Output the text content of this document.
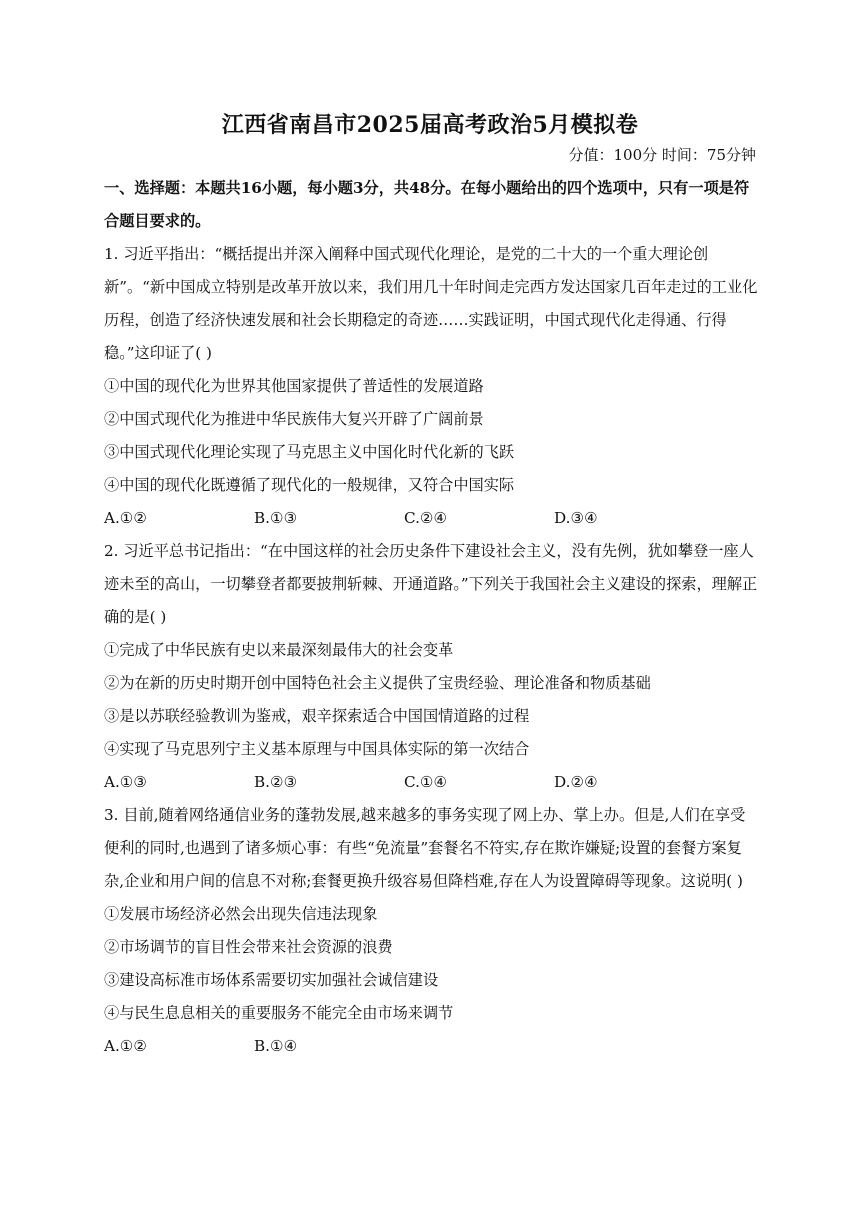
江西省南昌市2025届高考政治5月模拟卷
分值：100分 时间：75分钟

一、选择题：本题共16小题，每小题3分，共48分。在每小题给出的四个选项中，只有一项是符合题目要求的。

1. 习近平指出：“概括提出并深入阐释中国式现代化理论，是党的二十大的一个重大理论创新”。“新中国成立特别是改革开放以来，我们用几十年时间走完西方发达国家几百年走过的工业化历程，创造了经济快速发展和社会长期稳定的奇迹……实践证明，中国式现代化走得通、行得稳。”这印证了( )

①中国的现代化为世界其他国家提供了普适性的发展道路

②中国式现代化为推进中华民族伟大复兴开辟了广阔前景

③中国式现代化理论实现了马克思主义中国化时代化新的飞跃

④中国的现代化既遵循了现代化的一般规律，又符合中国实际

A.①②	B.①③	C.②④	D.③④

2. 习近平总书记指出：“在中国这样的社会历史条件下建设社会主义，没有先例，犹如攀登一座人迹未至的高山，一切攀登者都要披荆斩棘、开通道路。”下列关于我国社会主义建设的探索，理解正确的是( )

①完成了中华民族有史以来最深刻最伟大的社会变革

②为在新的历史时期开创中国特色社会主义提供了宝贵经验、理论准备和物质基础

③是以苏联经验教训为鉴戒，艰辛探索适合中国国情道路的过程

④实现了马克思列宁主义基本原理与中国具体实际的第一次结合

A.①③	B.②③	C.①④	D.②④

3. 目前,随着网络通信业务的蓬勃发展,越来越多的事务实现了网上办、掌上办。但是,人们在享受便利的同时,也遇到了诸多烦心事：有些“免流量”套餐名不符实,存在欺诈嫌疑;设置的套餐方案复杂,企业和用户间的信息不对称;套餐更换升级容易但降档难,存在人为设置障碍等现象。这说明( )

①发展市场经济必然会出现失信违法现象

②市场调节的盲目性会带来社会资源的浪费

③建设高标准市场体系需要切实加强社会诚信建设

④与民生息息相关的重要服务不能完全由市场来调节

A.①②	B.①④
